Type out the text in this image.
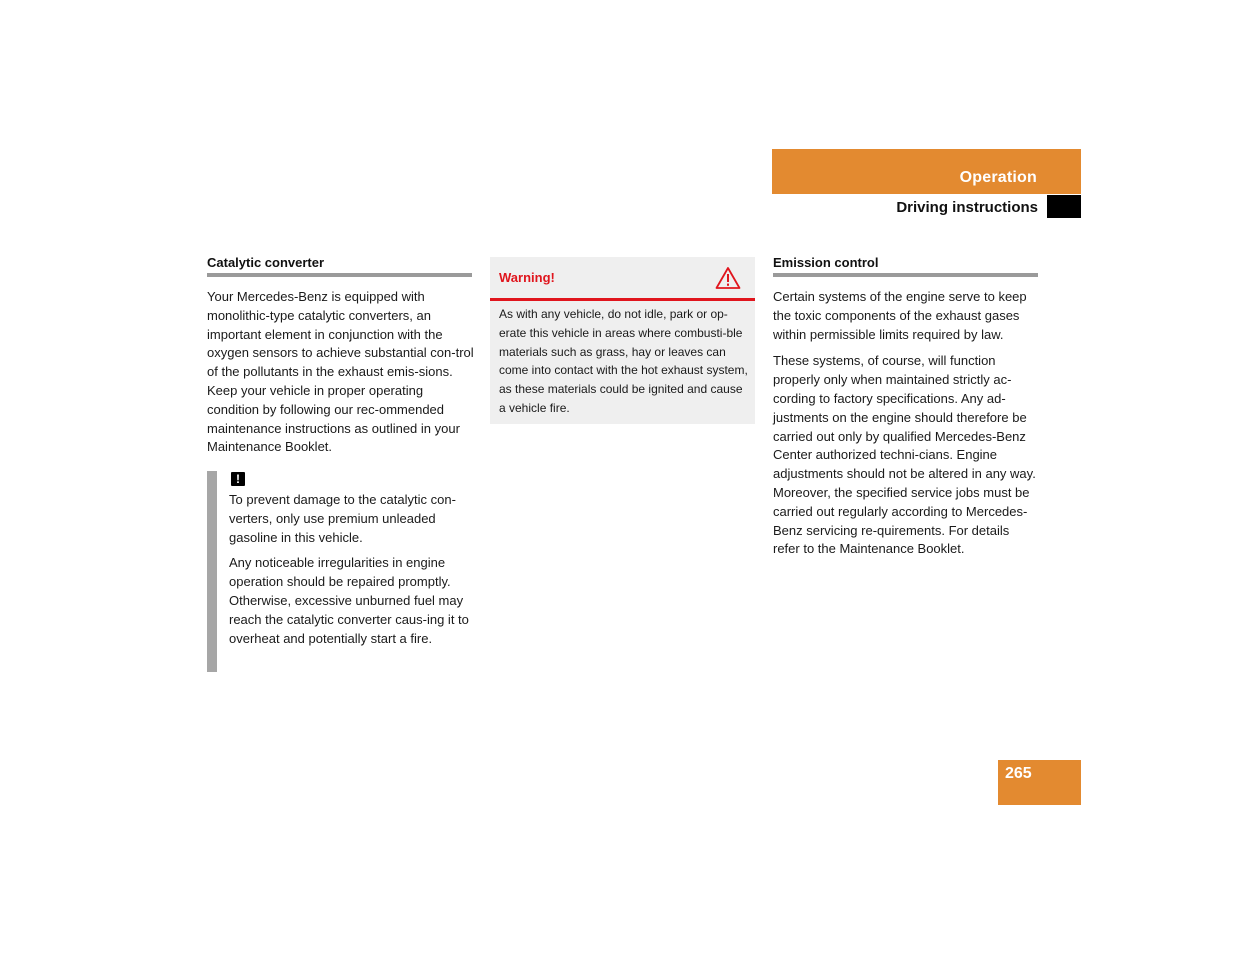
Operation
Driving instructions
Catalytic converter

Your Mercedes-Benz is equipped with monolithic-type catalytic converters, an important element in conjunction with the oxygen sensors to achieve substantial con-trol of the pollutants in the exhaust emis-sions. Keep your vehicle in proper operating condition by following our rec-ommended maintenance instructions as outlined in your Maintenance Booklet.

!

To prevent damage to the catalytic con-verters, only use premium unleaded gasoline in this vehicle.

Any noticeable irregularities in engine operation should be repaired promptly. Otherwise, excessive unburned fuel may reach the catalytic converter caus-ing it to overheat and potentially start a fire.

Warning!
As with any vehicle, do not idle, park or op-erate this vehicle in areas where combusti-ble materials such as grass, hay or leaves can come into contact with the hot exhaust system, as these materials could be ignited and cause a vehicle fire.
Emission control

Certain systems of the engine serve to keep the toxic components of the exhaust gases within permissible limits required by law.

These systems, of course, will function properly only when maintained strictly ac-cording to factory specifications. Any ad-justments on the engine should therefore be carried out only by qualified Mercedes-Benz Center authorized techni-cians. Engine adjustments should not be altered in any way. Moreover, the specified service jobs must be carried out regularly according to Mercedes-Benz servicing re-quirements. For details refer to the Maintenance Booklet.

265
